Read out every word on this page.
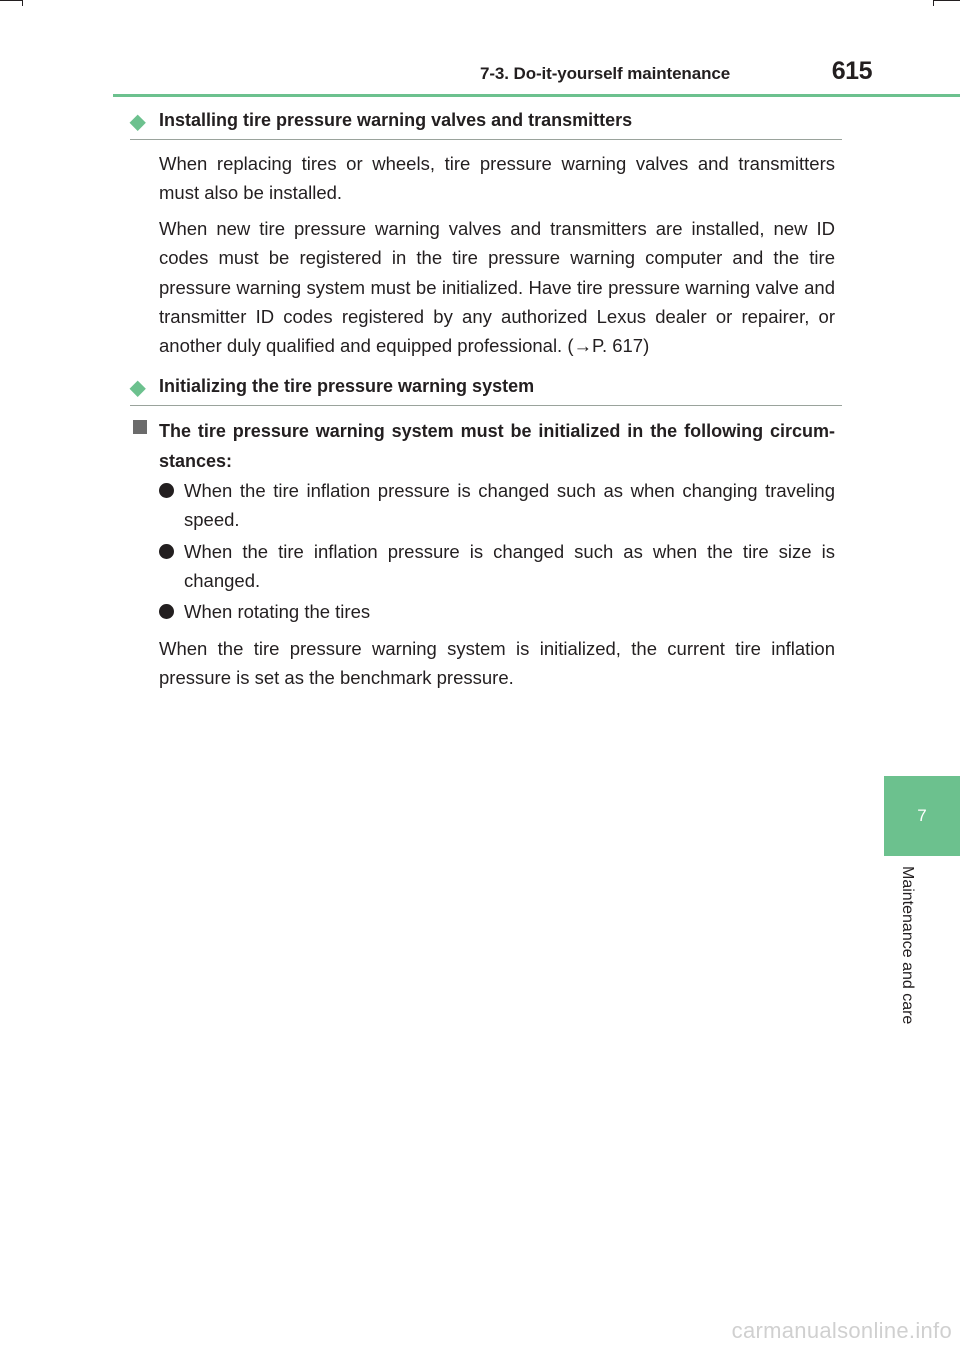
7-3. Do-it-yourself maintenance	615
7
Maintenance and care
◆ Installing tire pressure warning valves and transmitters

When replacing tires or wheels, tire pressure warning valves and transmitters must also be installed.

When new tire pressure warning valves and transmitters are installed, new ID codes must be registered in the tire pressure warning computer and the tire pressure warning system must be initialized. Have tire pressure warning valve and transmitter ID codes registered by any authorized Lexus dealer or repairer, or another duly qualified and equipped professional. (→P. 617)

◆ Initializing the tire pressure warning system
The tire pressure warning system must be initialized in the following circum-stances:
When the tire inflation pressure is changed such as when changing traveling speed.
When the tire inflation pressure is changed such as when the tire size is changed.
When rotating the tires

When the tire pressure warning system is initialized, the current tire inflation pressure is set as the benchmark pressure.

carmanualsonline.info
